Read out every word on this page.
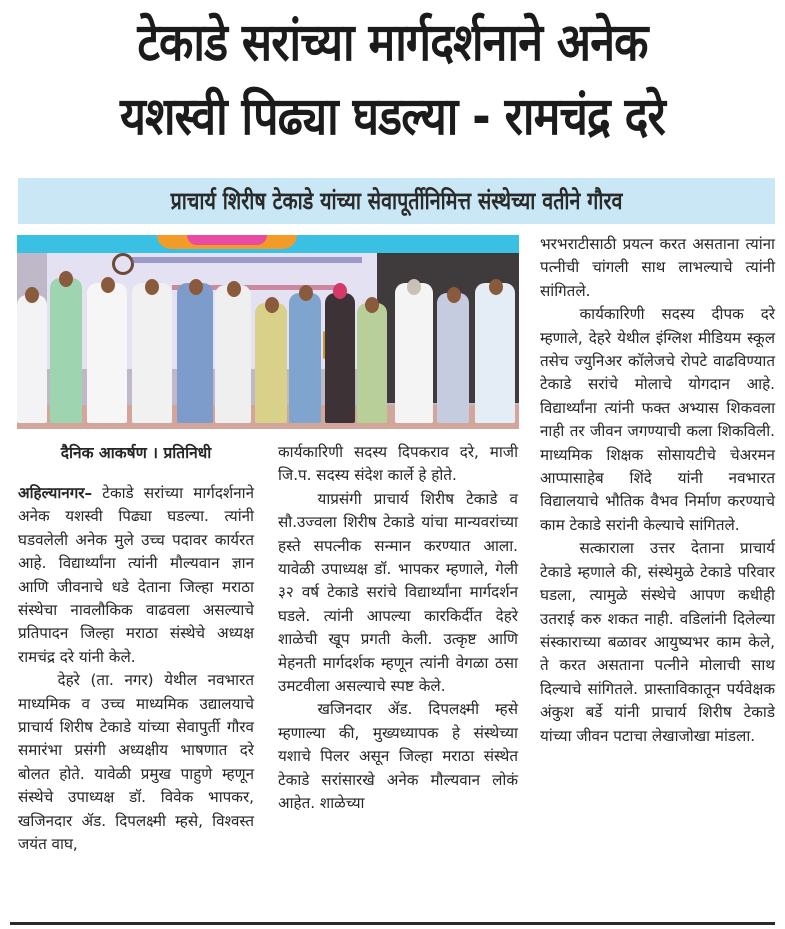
टेकाडे सरांच्या मार्गदर्शनाने अनेक
यशस्वी पिढ्या घडल्या - रामचंद्र दरे
प्राचार्य शिरीष टेकाडे यांच्या सेवापूर्तीनिमित्त संस्थेच्या वतीने गौरव
दैनिक आकर्षण । प्रतिनिधी

अहिल्यानगर– टेकाडे सरांच्या मार्गदर्शनाने अनेक यशस्वी पिढ्या घडल्या. त्यांनी घडवलेली अनेक मुले उच्च पदावर कार्यरत आहे. विद्यार्थ्यांना त्यांनी मौल्यवान ज्ञान आणि जीवनाचे धडे देताना जिल्हा मराठा संस्थेचा नावलौकिक वाढवला असल्याचे प्रतिपादन जिल्हा मराठा संस्थेचे अध्यक्ष रामचंद्र दरे यांनी केले.

देहरे (ता. नगर) येथील नवभारत माध्यमिक व उच्च माध्यमिक उद्यालयाचे प्राचार्य शिरीष टेकाडे यांच्या सेवापुर्ती गौरव समारंभा प्रसंगी अध्यक्षीय भाषणात दरे बोलत होते. यावेळी प्रमुख पाहुणे म्हणून संस्थेचे उपाध्यक्ष डॉ. विवेक भापकर, खजिनदार ॲड. दिपलक्ष्मी म्हसे, विश्वस्त जयंत वाघ,

कार्यकारिणी सदस्य दिपकराव दरे, माजी जि.प. सदस्य संदेश कार्ले हे होते.

याप्रसंगी प्राचार्य शिरीष टेकाडे व सौ.उज्वला शिरीष टेकाडे यांचा मान्यवरांच्या हस्ते सपत्नीक सन्मान करण्यात आला. यावेळी उपाध्यक्ष डॉ. भापकर म्हणाले, गेली ३२ वर्ष टेकाडे सरांचे विद्यार्थ्यांना मार्गदर्शन घडले. त्यांनी आपल्या कारकिर्दीत देहरे शाळेची खूप प्रगती केली. उत्कृष्ट आणि मेहनती मार्गदर्शक म्हणून त्यांनी वेगळा ठसा उमटवीला असल्याचे स्पष्ट केले.

खजिनदार ॲड. दिपलक्ष्मी म्हसे म्हणाल्या की, मुख्यध्यापक हे संस्थेच्या यशाचे पिलर असून जिल्हा मराठा संस्थेत टेकाडे सरांसारखे अनेक मौल्यवान लोकं आहेत. शाळेच्या

भरभराटीसाठी प्रयत्न करत असताना त्यांना पत्नीची चांगली साथ लाभल्याचे त्यांनी सांगितले.

कार्यकारिणी सदस्य दीपक दरे म्हणाले, देहरे येथील इंग्लिश मीडियम स्कूल तसेच ज्युनिअर कॉलेजचे रोपटे वाढविण्यात टेकाडे सरांचे मोलाचे योगदान आहे. विद्यार्थ्यांना त्यांनी फक्त अभ्यास शिकवला नाही तर जीवन जगण्याची कला शिकविली. माध्यमिक शिक्षक सोसायटीचे चेअरमन आप्पासाहेब शिंदे यांनी नवभारत विद्यालयाचे भौतिक वैभव निर्माण करण्याचे काम टेकाडे सरांनी केल्याचे सांगितले.

सत्काराला उत्तर देताना प्राचार्य टेकाडे म्हणाले की, संस्थेमुळे टेकाडे परिवार घडला, त्यामुळे संस्थेचे आपण कधीही उतराई करु शकत नाही. वडिलांनी दिलेल्या संस्काराच्या बळावर आयुष्यभर काम केले, ते करत असताना पत्नीने मोलाची साथ दिल्याचे सांगितले. प्रास्ताविकातून पर्यवेक्षक अंकुश बर्डे यांनी प्राचार्य शिरीष टेकाडे यांच्या जीवन पटाचा लेखाजोखा मांडला.
